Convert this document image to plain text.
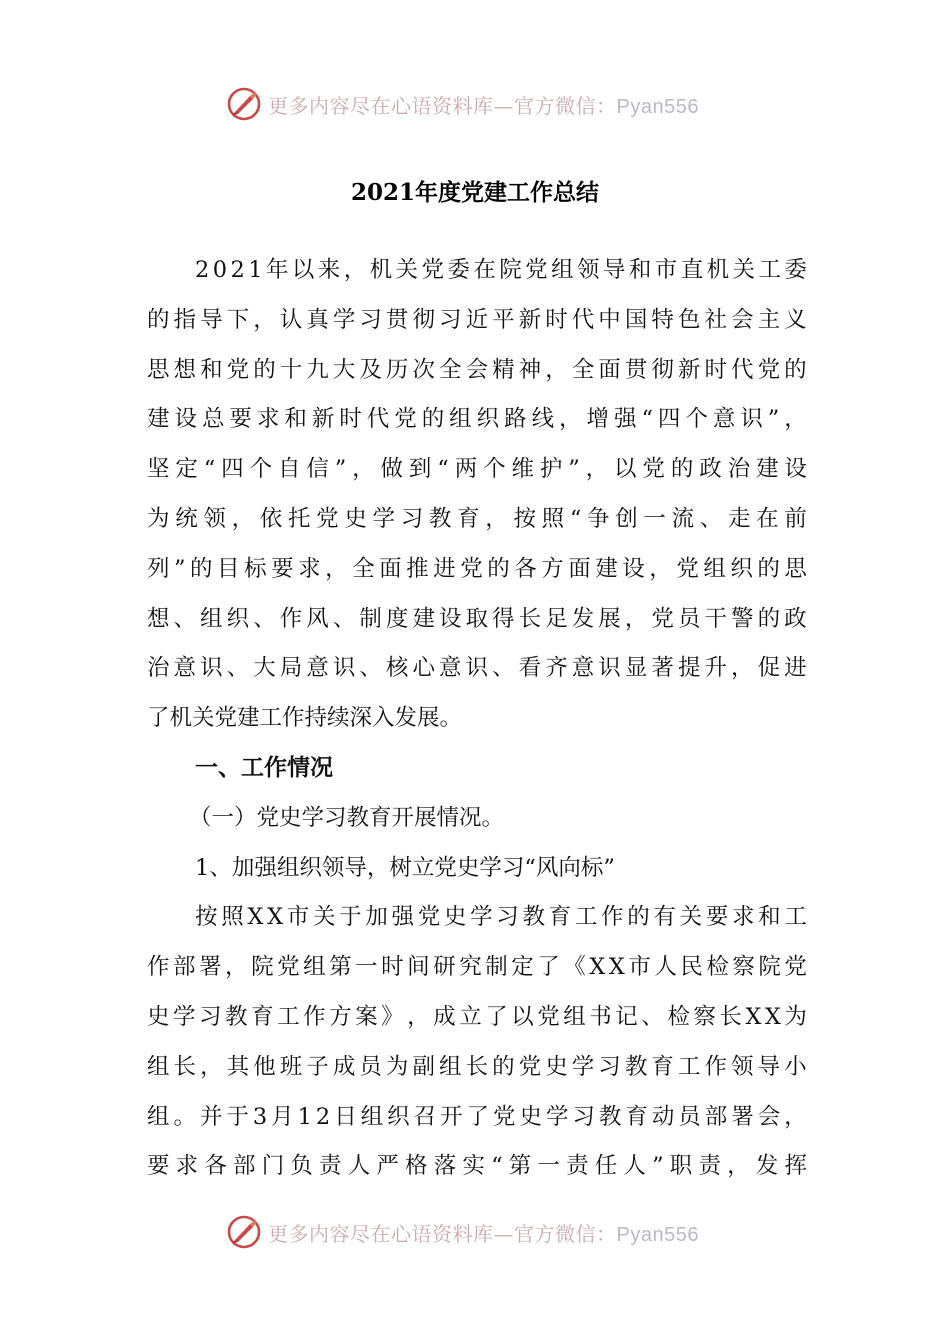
更多内容尽在心语资料库—官方微信：Pyan556
2021年度党建工作总结
2 0 2 1 年 以 来 ， 机 关 党 委 在 院 党 组 领 导 和 市 直 机 关 工 委
的 指 导 下 ， 认 真 学 习 贯 彻 习 近 平 新 时 代 中 国 特 色 社 会 主 义
思 想 和 党 的 十 九 大 及 历 次 全 会 精 神 ， 全 面 贯 彻 新 时 代 党 的
建 设 总 要 求 和 新 时 代 党 的 组 织 路 线 ， 增 强 “ 四 个 意 识 ” ，
坚 定 “ 四 个 自 信 ” ， 做 到 “ 两 个 维 护 ” ， 以 党 的 政 治 建 设
为 统 领 ， 依 托 党 史 学 习 教 育 ， 按 照 “ 争 创 一 流 、 走 在 前
列 ” 的 目 标 要 求 ， 全 面 推 进 党 的 各 方 面 建 设 ， 党 组 织 的 思
想 、 组 织 、 作 风 、 制 度 建 设 取 得 长 足 发 展 ， 党 员 干 警 的 政
治 意 识 、 大 局 意 识 、 核 心 意 识 、 看 齐 意 识 显 著 提 升 ， 促 进
了机关党建工作持续深入发展。
一、工作情况
（一）党史学习教育开展情况。
1、加强组织领导，树立党史学习“风向标”
按 照 X X 市 关 于 加 强 党 史 学 习 教 育 工 作 的 有 关 要 求 和 工
作 部 署 ， 院 党 组 第 一 时 间 研 究 制 定 了 《 X X 市 人 民 检 察 院 党
史 学 习 教 育 工 作 方 案 》 ， 成 立 了 以 党 组 书 记 、 检 察 长 X X 为
组 长 ， 其 他 班 子 成 员 为 副 组 长 的 党 史 学 习 教 育 工 作 领 导 小
组 。 并 于 3 月 1 2 日 组 织 召 开 了 党 史 学 习 教 育 动 员 部 署 会 ，
要 求 各 部 门 负 责 人 严 格 落 实 “ 第 一 责 任 人 ” 职 责 ， 发 挥
更多内容尽在心语资料库—官方微信：Pyan556
